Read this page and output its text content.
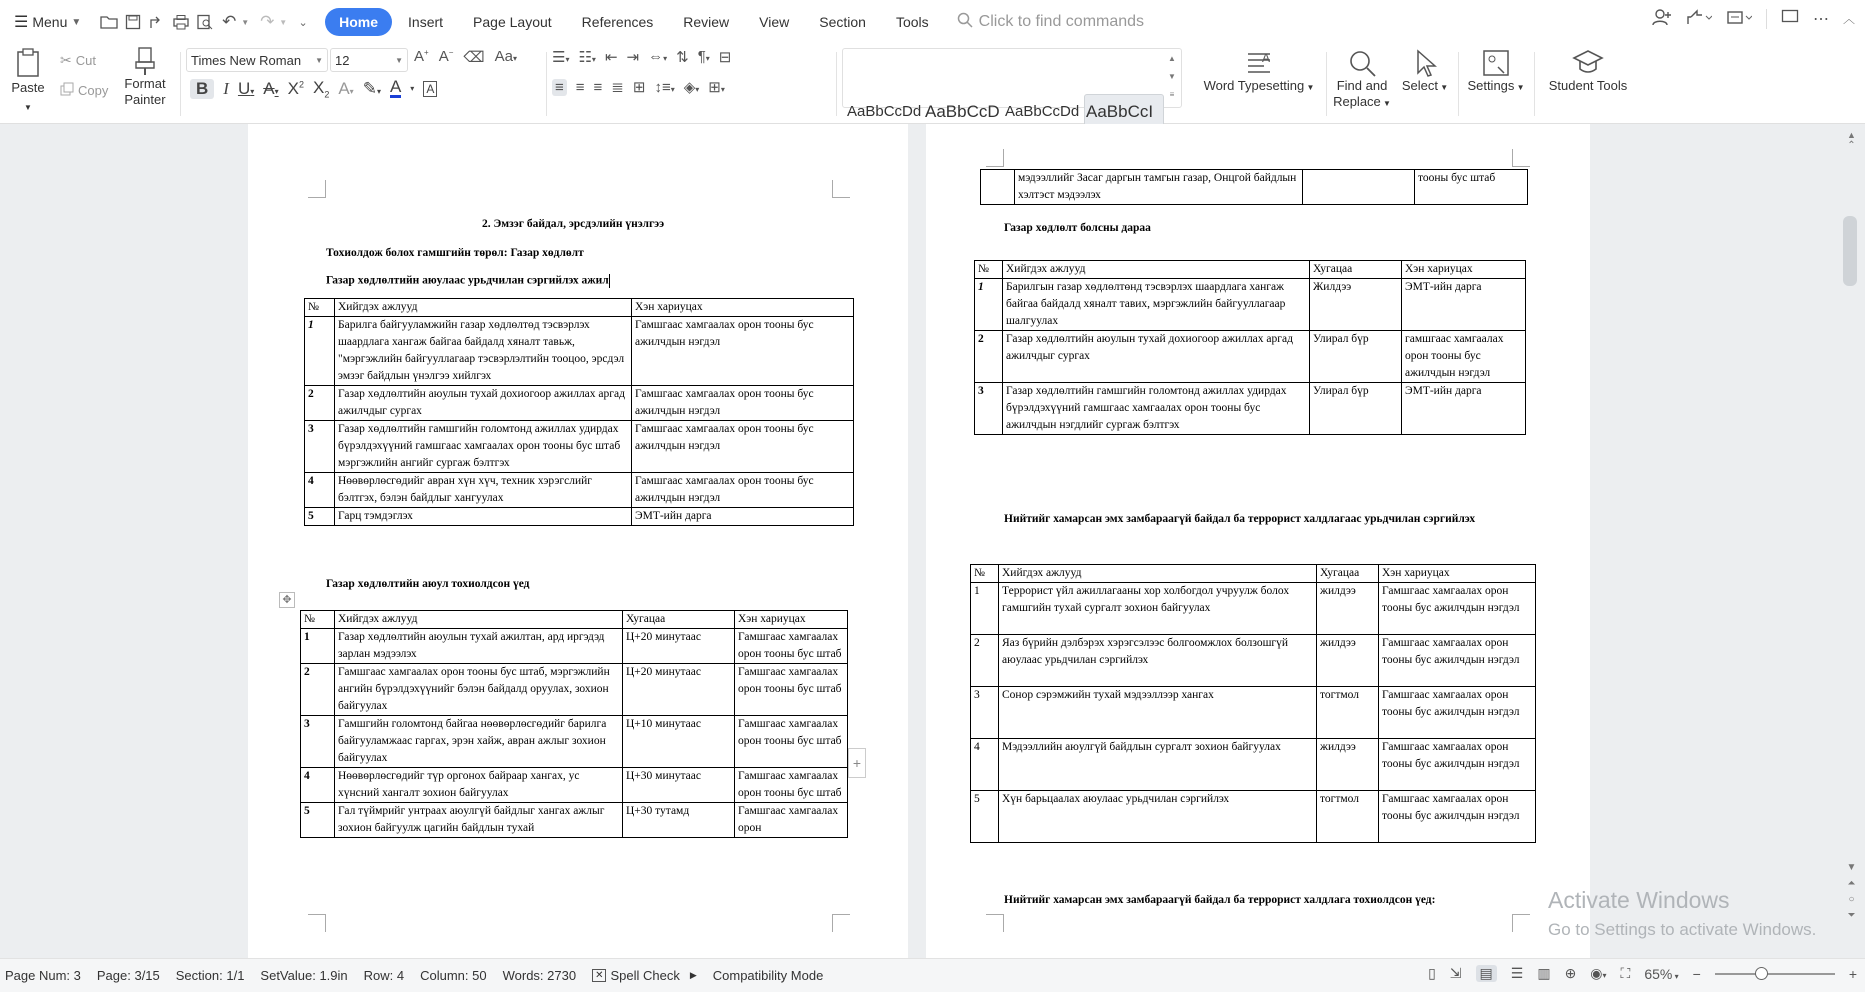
☰ Menu ▼	↶ ▼ ↷ ▼	⌄	Home	Insert	Page Layout	References	Review	View	Section	Tools	Click to find commands	⋯ ︿
Paste ▼
✂ Cut
Copy Format
Painter
Times New Roman	▼ 12	▼ A+ A− ⌫ Aa▾
B I U▾ A▾ $X^2$ $X_2$ A▾ ✎▾ A ▾ A
☰▾ ☷▾ ⇤ ⇥ ⇔▾ ⇅ ¶▾ ⊟
≡ ≡ ≡ ≣ ⊞ ↕≡▾ ◈▾ ⊞▾
AaBbCcDd AaBbCcD AaBbCcDd AaBbCcI
▲
▼
≡
A
Word Typesetting ▼ Find and
Replace ▼
Select ▼ Settings ▼ Student Tools
2. Эмзэг байдал, эрсдэлийн үнэлгээ
Тохиолдож болох гамшгийн төрөл: Газар хөдлөлт
Газар хөдлөлтийн аюулаас урьдчилан сэргийлэх ажил
№	Хийгдэх ажлууд	Хэн хариуцах
1	Барилга байгууламжийн газар хөдлөлтөд тэсвэрлэх шаардлага хангаж байгаа байдалд хяналт тавьж, "мэргэжлийн байгууллагаар тэсвэрлэлтийн тооцоо, эрсдэл эмзэг байдлын үнэлгээ хийлгэх	Гамшгаас хамгаалах орон тооны бус ажилчдын нэгдэл
2	Газар хөдлөлтийн аюулын тухай дохиогоор ажиллах аргад ажилчдыг сургах	Гамшгаас хамгаалах орон тооны бус ажилчдын нэгдэл
3	Газар хөдлөлтийн гамшгийн голомтонд ажиллах удирдах бүрэлдэхүүний гамшгаас хамгаалах орон тооны бус штаб мэргэжлийн ангийг сургаж бэлтгэх	Гамшгаас хамгаалах орон тооны бус ажилчдын нэгдэл
4	Нөөвөрлөсгөдийг авран хүн хүч, техник хэрэгслийг бэлтгэх, бэлэн байдлыг хангуулах	Гамшгаас хамгаалах орон тооны бус ажилчдын нэгдэл
5	Гарц тэмдэглэх	ЭМТ-ийн дарга
Газар хөдлөлтийн аюул тохиолдсон үед
✥
№	Хийгдэх ажлууд	Хугацаа	Хэн хариуцах
1	Газар хөдлөлтийн аюулын тухай ажилтан, ард иргэдэд зарлан мэдээлэх	Ц+20 минутаас	Гамшгаас хамгаалах орон тооны бус штаб
2	Гамшгаас хамгаалах орон тооны бус штаб, мэргэжлийн ангийн бүрэлдэхүүнийг бэлэн байдалд оруулах, зохион байгуулах	Ц+20 минутааc	Гамшгаас хамгаалах орон тооны бус штаб
3	Гамшгийн голомтонд байгаа нөөвөрлөсгөдийг барилга байгууламжаас гаргах, эрэн хайж, авран ажлыг зохион байгуулах	Ц+10 минутааc	Гамшгаас хамгаалах орон тооны бус штаб
4	Нөөвөрлөсгөдийг түр оргонох байраар хангах, ус хүнсний хангалт зохион байгуулах	Ц+30 минутааc	Гамшгаас хамгаалах орон тооны бус штаб
5	Гал түймрийг унтраах аюулгүй байдлыг хангах ажлыг зохион байгуулж цагийн байдлын тухай	Ц+30 тутамд	Гамшгаас хамгаалах орон
+
	мэдээллийг Засаг даргын тамгын газар, Онцгой байдлын хэлтэст мэдээлэх		тооны бус штаб
Газар хөдлөлт болсны дараа
№	Хийгдэх ажлууд	Хугацаа	Хэн хариуцах
1	Барилгын газар хөдлөлтөнд тэсвэрлэх шаардлага хангаж байгаа байдалд хяналт тавих, мэргэжлийн байгууллагаар шалгуулах	Жилдээ	ЭМТ-ийн дарга
2	Газар хөдлөлтийн аюулын тухай дохиогоор ажиллах аргад ажилчдыг сургах	Улирал бүр	гамшгаас хамгаалах орон тооны бус ажилчдын нэгдэл
3	Газар хөдлөлтийн гамшгийн голомтонд ажиллах удирдах бүрэлдэхүүний гамшгаас хамгаалах орон тооны бус ажилчдын нэгдлийг сургаж бэлтгэх	Улирал бүр	ЭМТ-ийн дарга
Нийтийг хамарсан эмх замбараагүй байдал ба террорист халдлагаас урьдчилан сэргийлэх
№	Хийгдэх ажлууд	Хугацаа	Хэн хариуцах
1	Террорист үйл ажиллагааны хор холбогдол учруулж болох гамшгийн тухай сургалт зохион байгуулах	жилдээ	Гамшгаас хамгаалах орон тооны бус ажилчдын нэгдэл
2	Яаз бүрийн дэлбэрэх хэрэгсэлээс болгоомжлох болзошгүй аюулаас урьдчилан сэргийлэх	жилдээ	Гамшгаас хамгаалах орон тооны бус ажилчдын нэгдэл
3	Сонор сэрэмжийн тухай мэдээллээр хангах	тогтмол	Гамшгаас хамгаалах орон тооны бус ажилчдын нэгдэл
4	Мэдээллийн аюулгүй байдлын сургалт зохион байгуулах	жилдээ	Гамшгаас хамгаалах орон тооны бус ажилчдын нэгдэл
5	Хүн барьцаалах аюулаас урьдчилан сэргийлэх	тогтмол	Гамшгаас хамгаалах орон тооны бус ажилчдын нэгдэл
Нийтийг хамарсан эмх замбараагүй байдал ба террорист халдлага тохиолдсон үед:
▲
⌃
▼
⏶
○
⏷
Activate Windows
Go to Settings to activate Windows.
Page Num: 3	Page: 3/15	Section: 1/1	SetValue: 1.9in	Row: 4	Column: 50	Words: 2730	✕ Spell Check ▶	Compatibility Mode	▯ ⇲ ▤ ☰ ▥ ⊕ ◉▾ ⛶ 65% ▾ −	+
